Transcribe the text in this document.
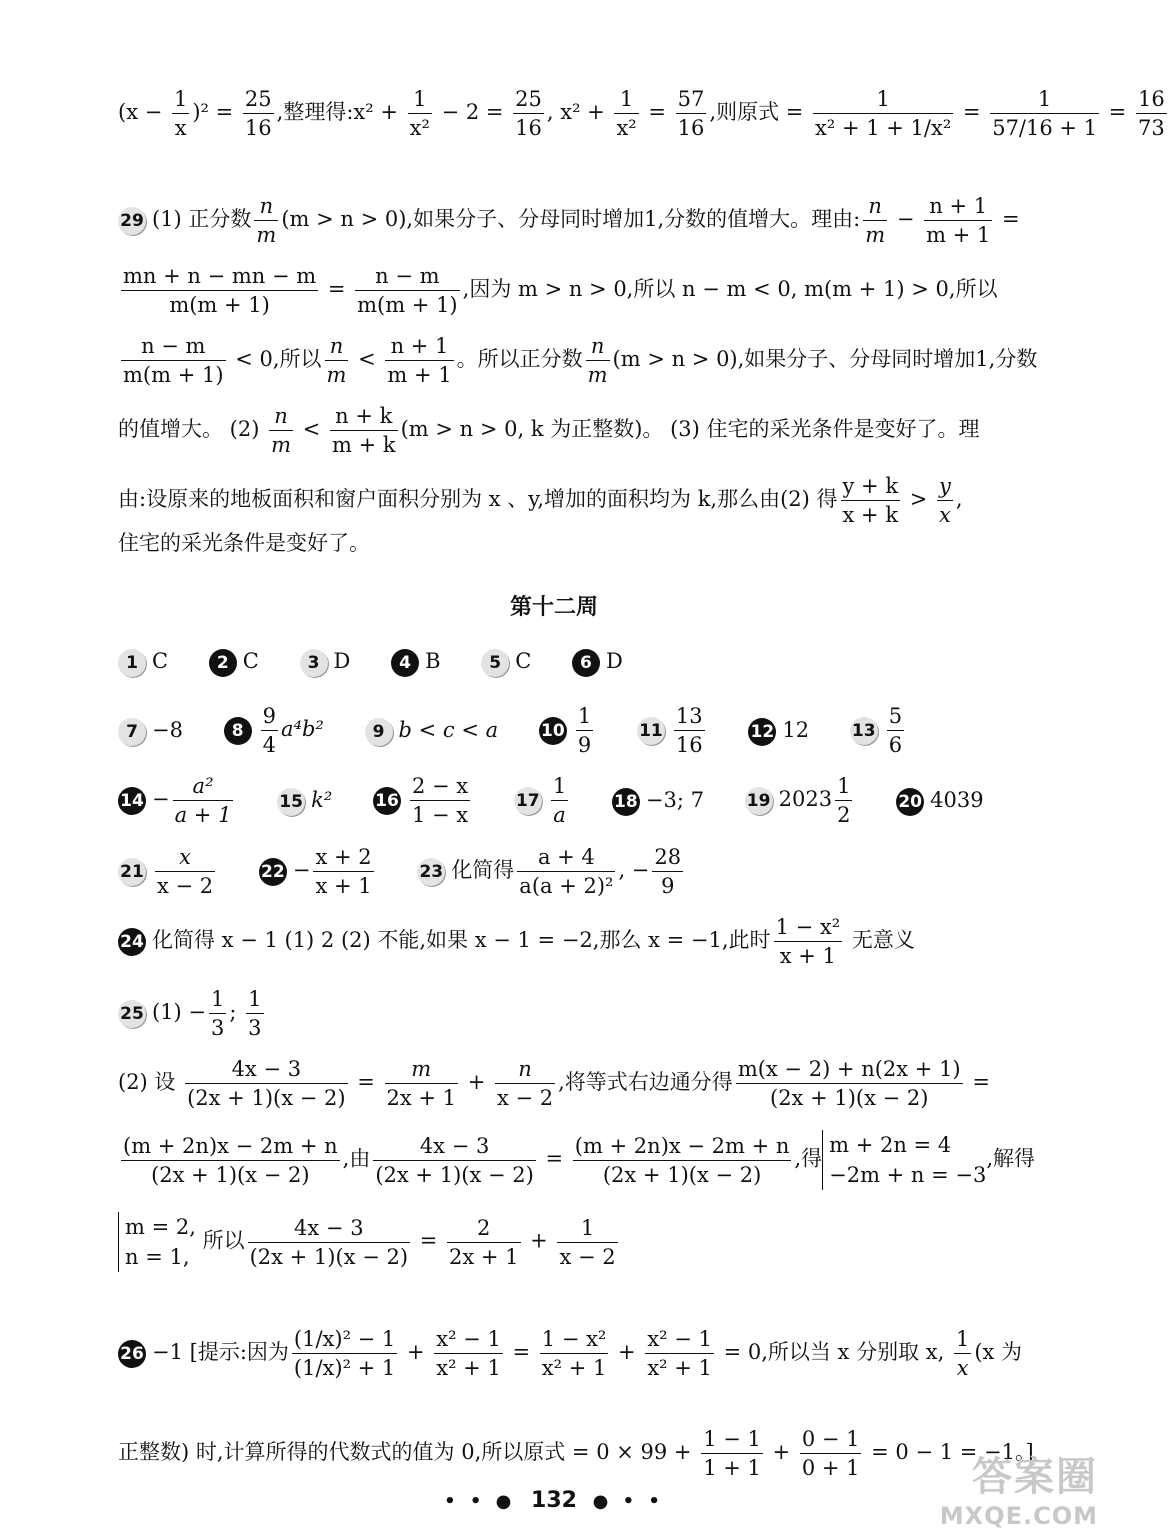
$(x - \frac{1}{x} )^2 = \frac{25}{16}$ ,整理得:x² + $\frac{1}{\text{x²}} - 2 = \frac{25}{16}$ , $x^2 + \frac{1}{\text{x²}} = \frac{57}{16}$ ,则原式 = $\frac{1}{\text{x² + 1 + 1/x²}} = \frac{1}{57/16 + 1} = \frac{16}{73}$
29 (1) 正分数 $\frac{n}{m} (m > n > 0)$,如果分子、分母同时增加1,分数的值增大。理由: $\frac{n}{m} - \frac{n + 1}{m + 1}$ =
$\frac{mn + n - mn - m}{m(m + 1)} = \frac{n - m}{m(m + 1)}$ ,因为 m > n > 0,所以 n − m < 0, m(m + 1) > 0,所以
$\frac{n - m}{m(m + 1)} < 0$,所以 $\frac{n}{m} < \frac{n + 1}{m + 1}$ 。所以正分数 $\frac{n}{m} (m > n > 0)$,如果分子、分母同时增加1,分数
的值增大。 $(2) \frac{n}{m} < \frac{n + k}{m + k} (m > n > 0$, k 为正整数)。 (3) 住宅的采光条件是变好了。理
由:设原来的地板面积和窗户面积分别为 x 、y,增加的面积均为 k,那么由(2) 得 $\frac{y + k}{x + k} > \frac{y}{x}$ ,
住宅的采光条件是变好了。
第十二周
1 C	2 C	3 D	4 B	5 C	6 D
7 −8	$8 \frac{9}{4} a^4b^2$	9 b < c < a	$10 \frac{1}{9}$	$11 \frac{13}{16}$	12 12	$13 \frac{5}{6}$
$14 - \frac{\text{a²}}{a + 1}$	15 k²	$16 \frac{2 - x}{1 - x}$	$17 \frac{1}{a}$	18 −3; 7	19 $2023 \frac{1}{2}$	20 4039
$21 \frac{x}{x - 2}$	$22 - \frac{x + 2}{x + 1}$	23 化简得 $\frac{a + 4}{\text{a(a + 2)²}}$ , − $\frac{28}{9}$
24 化简得 x − 1 (1) 2 (2) 不能,如果 x − 1 = −2,那么 x = −1,此时 $\frac{\text{1 − x²}}{x + 1}$ 无意义
25 $(1) - \frac{1}{3}$ ; $\frac{1}{3}$
(2) 设 $\frac{4x - 3}{(2x + 1)(x - 2)} = \frac{m}{2x + 1} + \frac{n}{x - 2}$ ,将等式右边通分得 $\frac{m(x - 2) + n(2x + 1)}{(2x + 1)(x - 2)}$ =
$\frac{(m + 2n)x - 2m + n}{(2x + 1)(x - 2)}$ ,由 $\frac{4x - 3}{(2x + 1)(x - 2)} = \frac{(m + 2n)x - 2m + n}{(2x + 1)(x - 2)}$ ,得
m + 2n = 4
−2m + n = −3
,解得
m = 2,
n = 1,
所以 $\frac{4x - 3}{(2x + 1)(x - 2)} = \frac{2}{2x + 1} + \frac{1}{x - 2}$
26 −1 [提示:因为 $\frac{\text{(1/x)² − 1}}{\text{(1/x)² + 1}} + \frac{\text{x² − 1}}{\text{x² + 1}} = \frac{\text{1 − x²}}{\text{x² + 1}} + \frac{\text{x² − 1}}{\text{x² + 1}} = 0$,所以当 x 分别取 x, $\frac{1}{x} (x$ 为
正整数) 时,计算所得的代数式的值为 0,所以原式 = $0 \times 99 + \frac{1 - 1}{1 + 1} + \frac{0 - 1}{0 + 1} = 0 - 1 = -1$。]
• • ● 132 ● • •
答案圈
MXQE.COM
